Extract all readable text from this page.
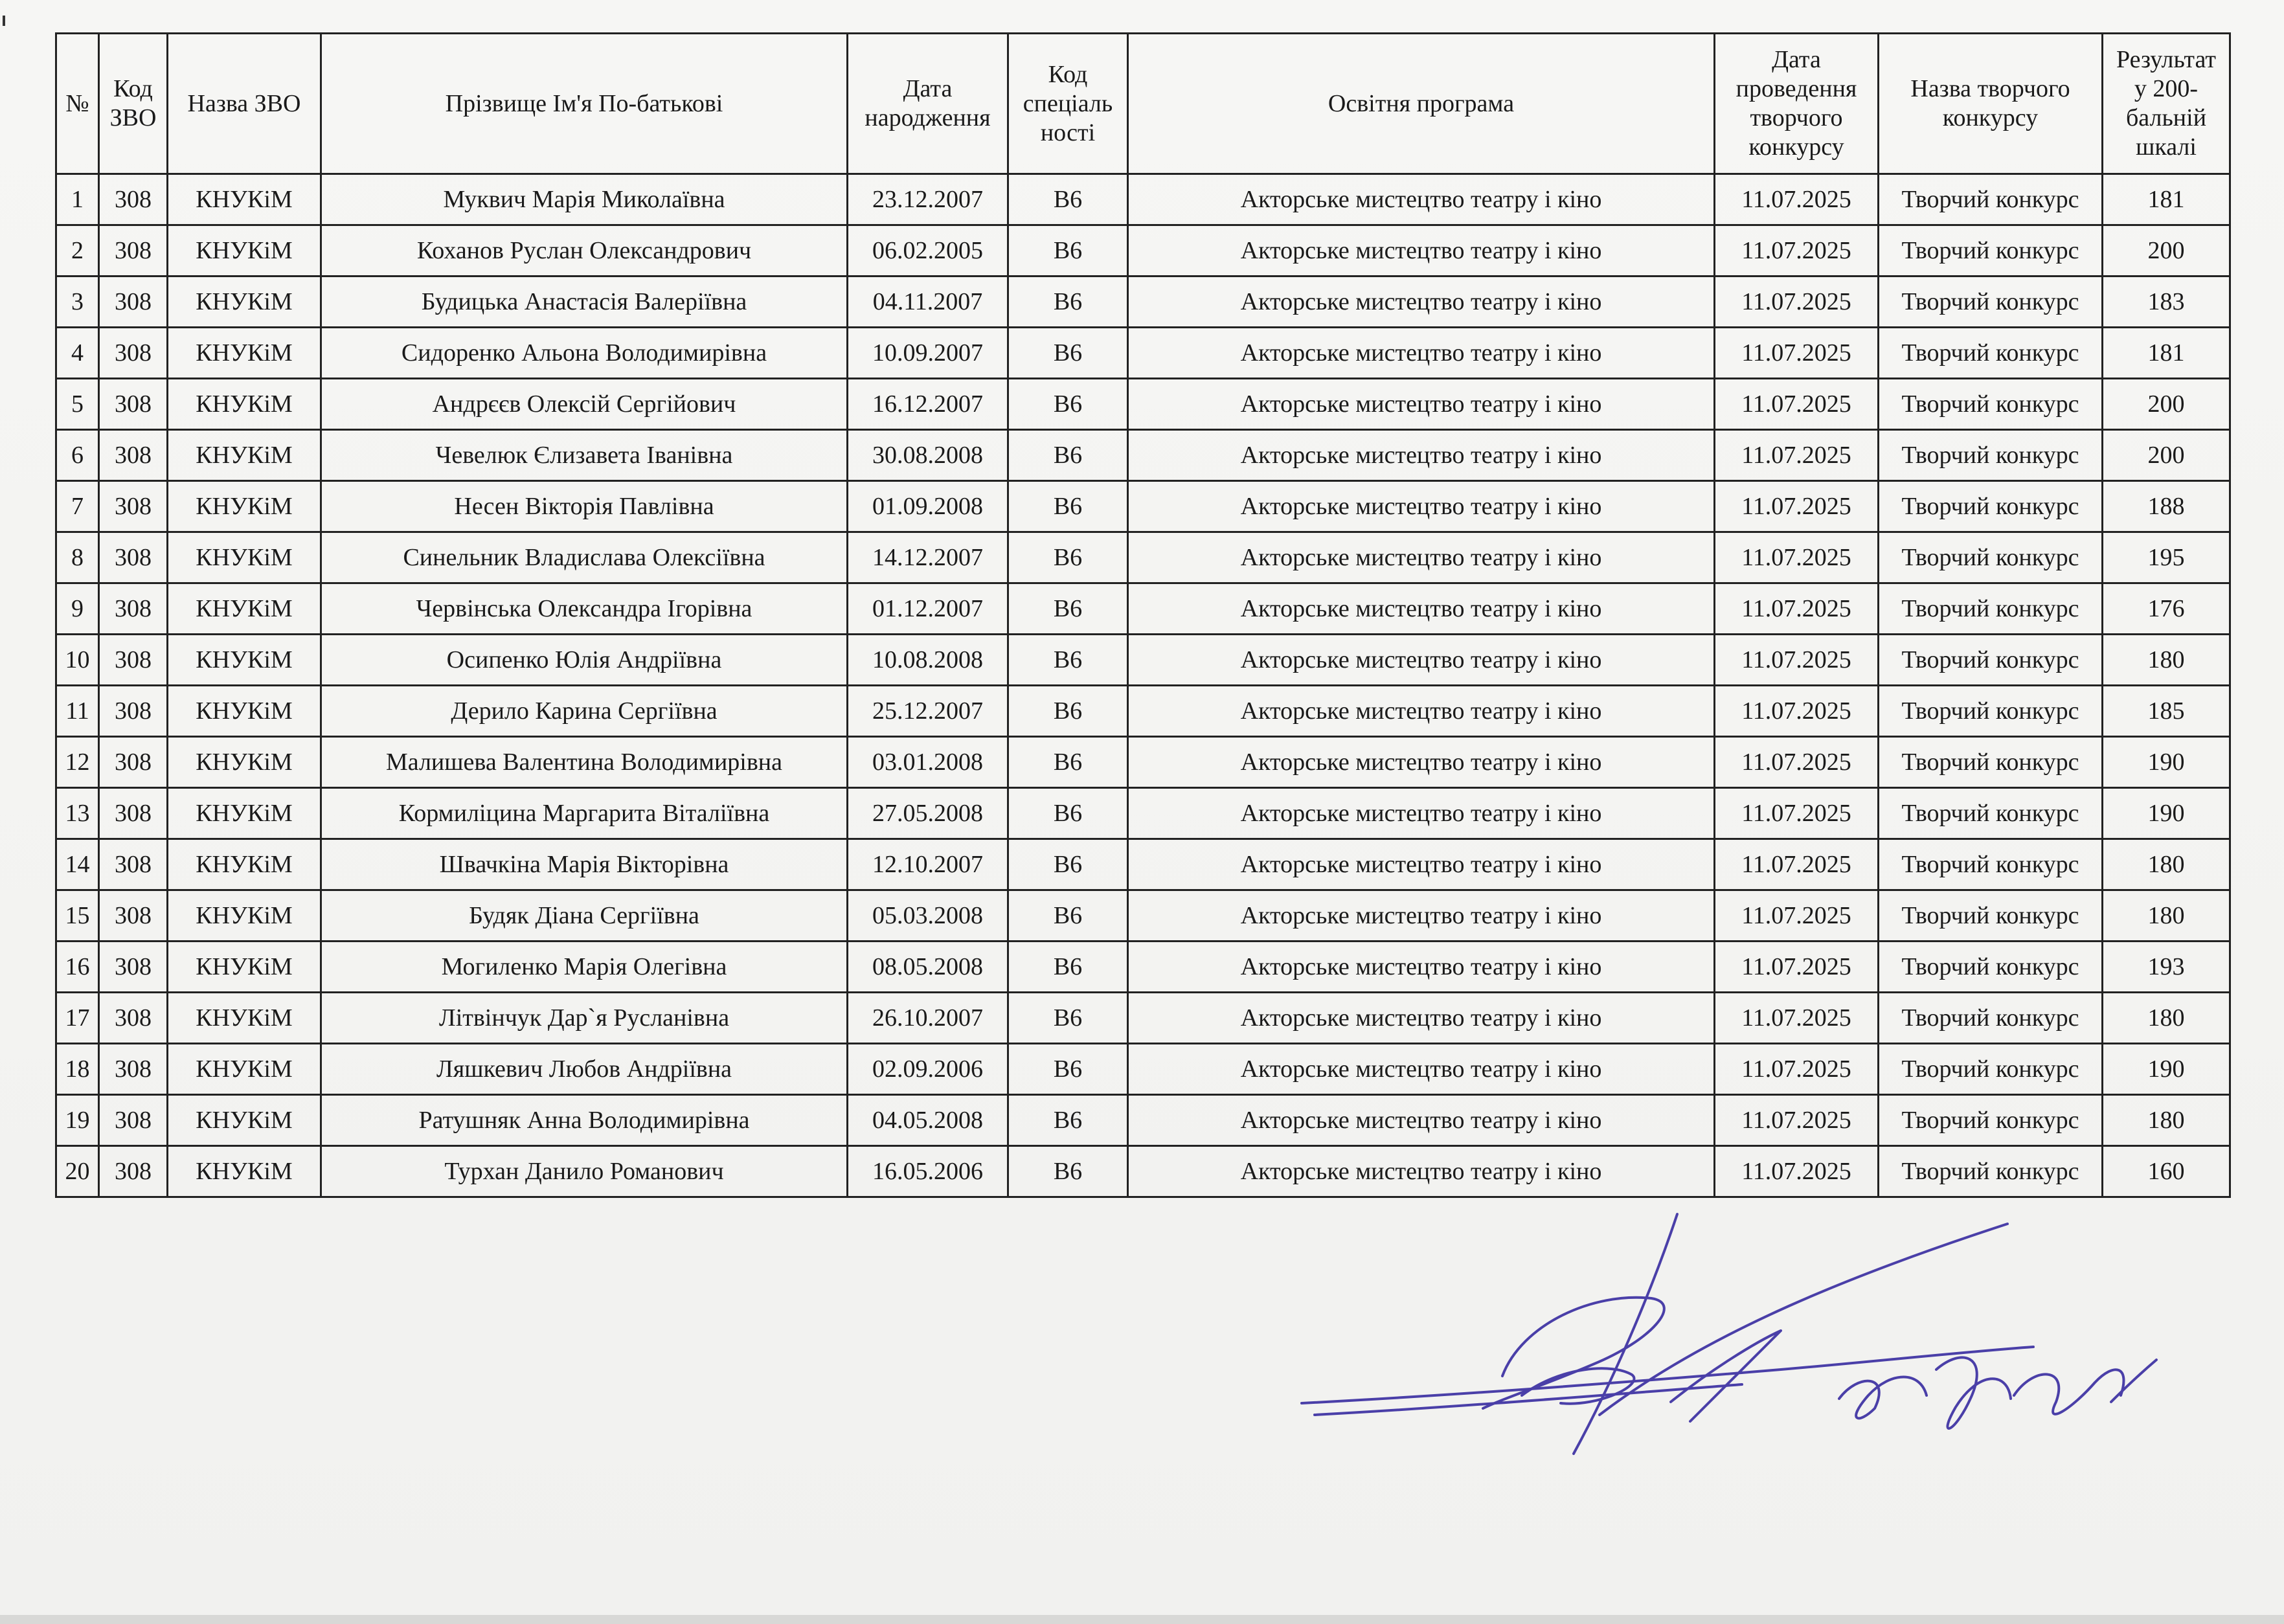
№	Код ЗВО	Назва ЗВО	Прізвище Ім'я По-батькові	Дата народження	Код спеціаль ності	Освітня програма	Дата проведення творчого конкурсу	Назва творчого конкурсу	Результат у 200-бальній шкалі
1	308	КНУКіМ	Муквич Марія Миколаївна	23.12.2007	В6	Акторське мистецтво театру і кіно	11.07.2025	Творчий конкурс	181
2	308	КНУКіМ	Коханов Руслан Олександрович	06.02.2005	В6	Акторське мистецтво театру і кіно	11.07.2025	Творчий конкурс	200
3	308	КНУКіМ	Будицька Анастасія Валеріївна	04.11.2007	В6	Акторське мистецтво театру і кіно	11.07.2025	Творчий конкурс	183
4	308	КНУКіМ	Сидоренко Альона Володимирівна	10.09.2007	В6	Акторське мистецтво театру і кіно	11.07.2025	Творчий конкурс	181
5	308	КНУКіМ	Андрєєв Олексій Сергійович	16.12.2007	В6	Акторське мистецтво театру і кіно	11.07.2025	Творчий конкурс	200
6	308	КНУКіМ	Чевелюк Єлизавета Іванівна	30.08.2008	В6	Акторське мистецтво театру і кіно	11.07.2025	Творчий конкурс	200
7	308	КНУКіМ	Несен Вікторія Павлівна	01.09.2008	В6	Акторське мистецтво театру і кіно	11.07.2025	Творчий конкурс	188
8	308	КНУКіМ	Синельник Владислава Олексіївна	14.12.2007	В6	Акторське мистецтво театру і кіно	11.07.2025	Творчий конкурс	195
9	308	КНУКіМ	Червінська Олександра Ігорівна	01.12.2007	В6	Акторське мистецтво театру і кіно	11.07.2025	Творчий конкурс	176
10	308	КНУКіМ	Осипенко Юлія Андріївна	10.08.2008	В6	Акторське мистецтво театру і кіно	11.07.2025	Творчий конкурс	180
11	308	КНУКіМ	Дерило Карина Сергіївна	25.12.2007	В6	Акторське мистецтво театру і кіно	11.07.2025	Творчий конкурс	185
12	308	КНУКіМ	Малишева Валентина Володимирівна	03.01.2008	В6	Акторське мистецтво театру і кіно	11.07.2025	Творчий конкурс	190
13	308	КНУКіМ	Кормиліцина Маргарита Віталіївна	27.05.2008	В6	Акторське мистецтво театру і кіно	11.07.2025	Творчий конкурс	190
14	308	КНУКіМ	Швачкіна Марія Вікторівна	12.10.2007	В6	Акторське мистецтво театру і кіно	11.07.2025	Творчий конкурс	180
15	308	КНУКіМ	Будяк Діана Сергіївна	05.03.2008	В6	Акторське мистецтво театру і кіно	11.07.2025	Творчий конкурс	180
16	308	КНУКіМ	Могиленко Марія Олегівна	08.05.2008	В6	Акторське мистецтво театру і кіно	11.07.2025	Творчий конкурс	193
17	308	КНУКіМ	Літвінчук Дар`я Русланівна	26.10.2007	В6	Акторське мистецтво театру і кіно	11.07.2025	Творчий конкурс	180
18	308	КНУКіМ	Ляшкевич Любов Андріївна	02.09.2006	В6	Акторське мистецтво театру і кіно	11.07.2025	Творчий конкурс	190
19	308	КНУКіМ	Ратушняк Анна Володимирівна	04.05.2008	В6	Акторське мистецтво театру і кіно	11.07.2025	Творчий конкурс	180
20	308	КНУКіМ	Турхан Данило Романович	16.05.2006	В6	Акторське мистецтво театру і кіно	11.07.2025	Творчий конкурс	160
